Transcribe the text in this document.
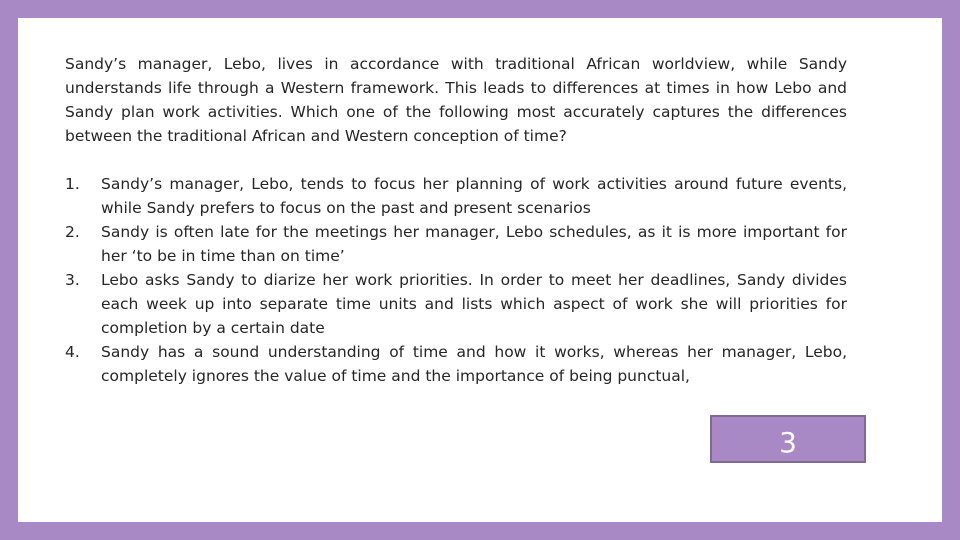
Sandy’s manager, Lebo, lives in accordance with traditional African worldview, while Sandy understands life through a Western framework. This leads to differences at times in how Lebo and Sandy plan work activities. Which one of the following most accurately captures the differences between the traditional African and Western conception of time?

1.	Sandy’s manager, Lebo, tends to focus her planning of work activities around future events, while Sandy prefers to focus on the past and present scenarios
2.	Sandy is often late for the meetings her manager, Lebo schedules, as it is more important for her ‘to be in time than on time’
3.	Lebo asks Sandy to diarize her work priorities. In order to meet her deadlines, Sandy divides each week up into separate time units and lists which aspect of work she will priorities for completion by a certain date
4.	Sandy has a sound understanding of time and how it works, whereas her manager, Lebo, completely ignores the value of time and the importance of being punctual,
3
